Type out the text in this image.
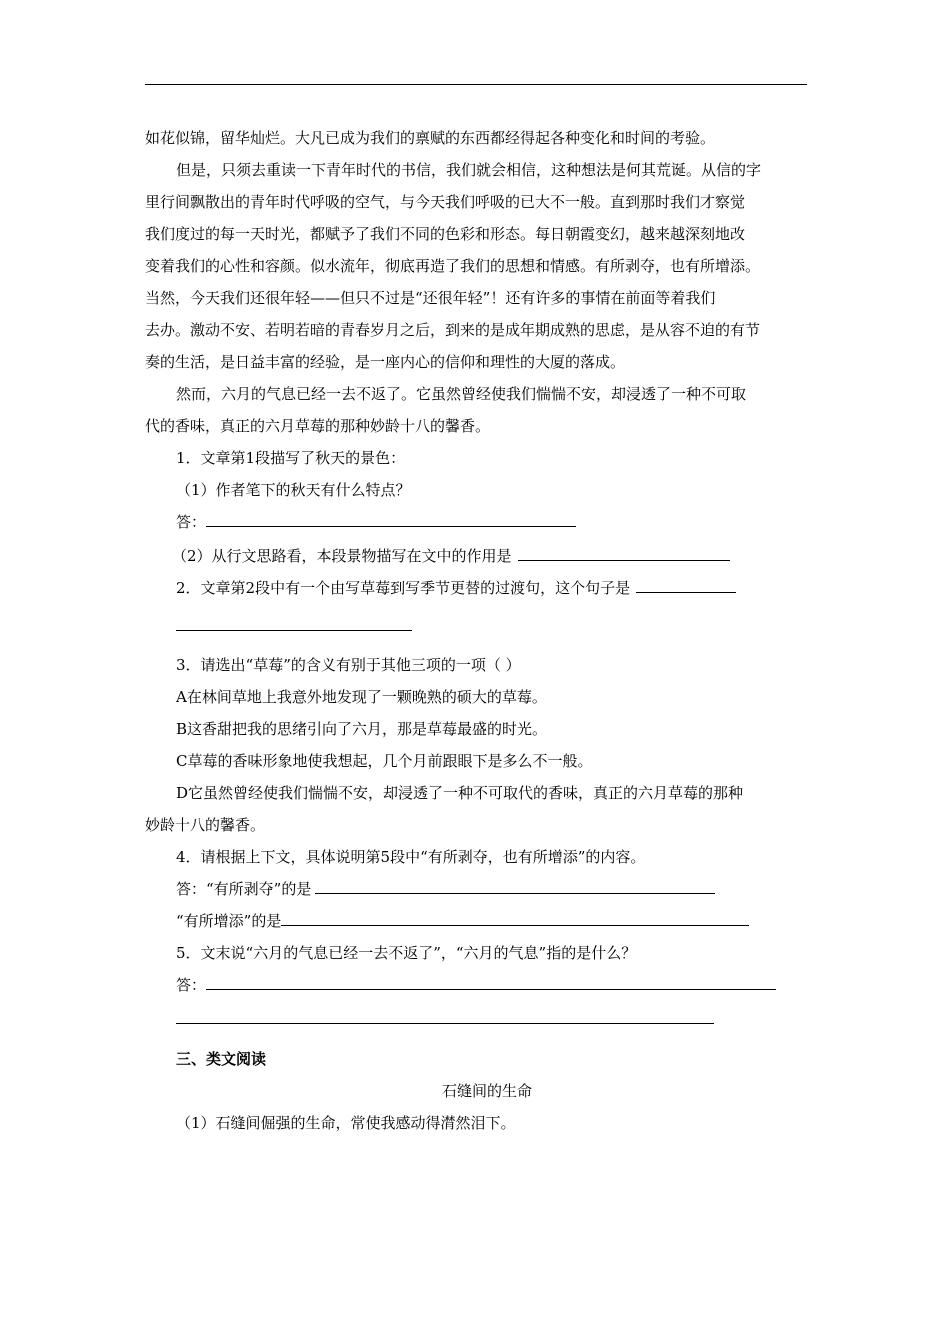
如花似锦，留华灿烂。大凡已成为我们的禀赋的东西都经得起各种变化和时间的考验。
但是，只须去重读一下青年时代的书信，我们就会相信，这种想法是何其荒诞。从信的字
里行间飘散出的青年时代呼吸的空气，与今天我们呼吸的已大不一般。直到那时我们才察觉
我们度过的每一天时光，都赋予了我们不同的色彩和形态。每日朝霞变幻，越来越深刻地改
变着我们的心性和容颜。似水流年，彻底再造了我们的思想和情感。有所剥夺，也有所增添。
当然，今天我们还很年轻——但只不过是“还很年轻”！还有许多的事情在前面等着我们
去办。激动不安、若明若暗的青春岁月之后，到来的是成年期成熟的思虑，是从容不迫的有节
奏的生活，是日益丰富的经验，是一座内心的信仰和理性的大厦的落成。
然而，六月的气息已经一去不返了。它虽然曾经使我们惴惴不安，却浸透了一种不可取
代的香味，真正的六月草莓的那种妙龄十八的馨香。
1．文章第1段描写了秋天的景色：
（1）作者笔下的秋天有什么特点？
答：
（2）从行文思路看，本段景物描写在文中的作用是
2．文章第2段中有一个由写草莓到写季节更替的过渡句，这个句子是
3．请选出“草莓”的含义有别于其他三项的一项（ ）
A在林间草地上我意外地发现了一颗晚熟的硕大的草莓。
B这香甜把我的思绪引向了六月，那是草莓最盛的时光。
C草莓的香味形象地使我想起，几个月前跟眼下是多么不一般。
D它虽然曾经使我们惴惴不安，却浸透了一种不可取代的香味，真正的六月草莓的那种
妙龄十八的馨香。
4．请根据上下文，具体说明第5段中“有所剥夺，也有所增添”的内容。
答：“有所剥夺”的是
“有所增添”的是
5．文末说“六月的气息已经一去不返了”，“六月的气息”指的是什么？
答：
三、类文阅读
石缝间的生命
（1）石缝间倔强的生命，常使我感动得潸然泪下。
